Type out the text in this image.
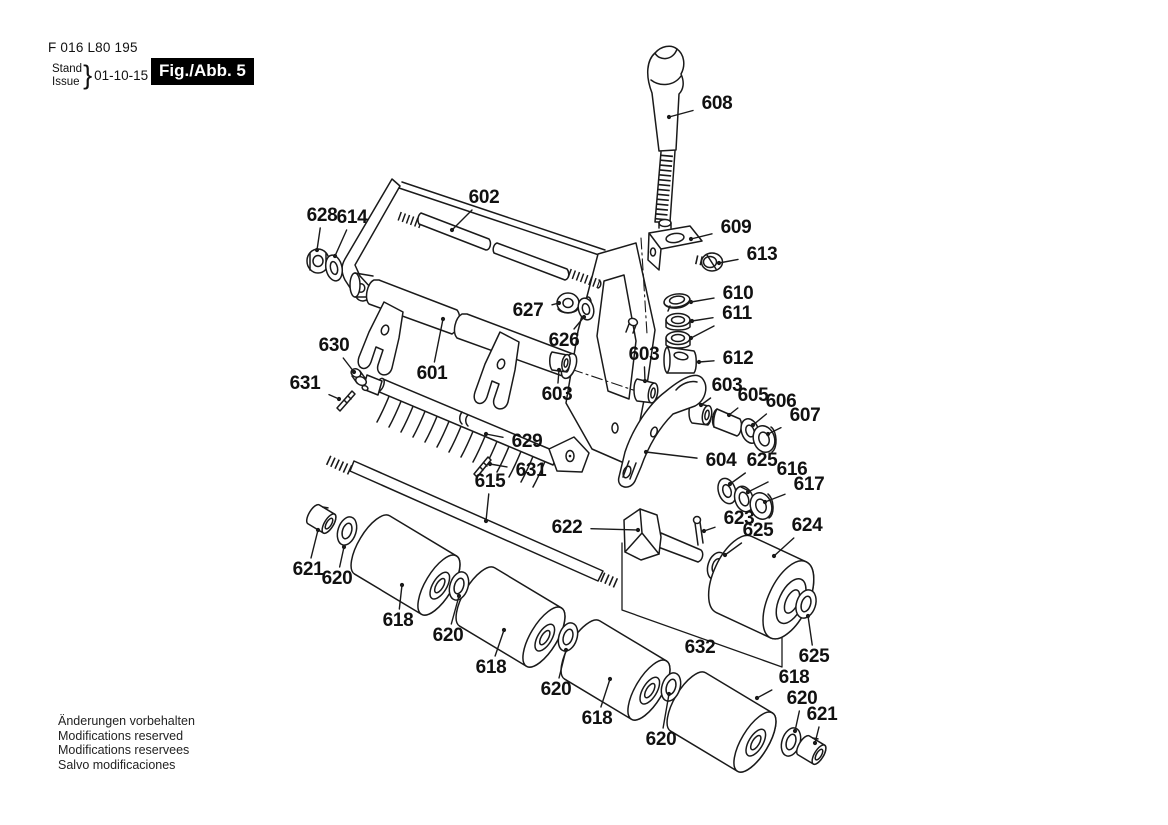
608
602
628 614	609
613
610
611
612
603
627
626
630
601
631
603	603
605
606
607
604 625 616
617
629
631
615
623
622	625 624
632
621
620
618
620
618
620
618
620
625
618
620
621
F 016 L80 195
Stand
Issue } 01-10-15 Fig./Abb. 5
Änderungen vorbehalten
Modifications reserved
Modifications reservees
Salvo modificaciones
